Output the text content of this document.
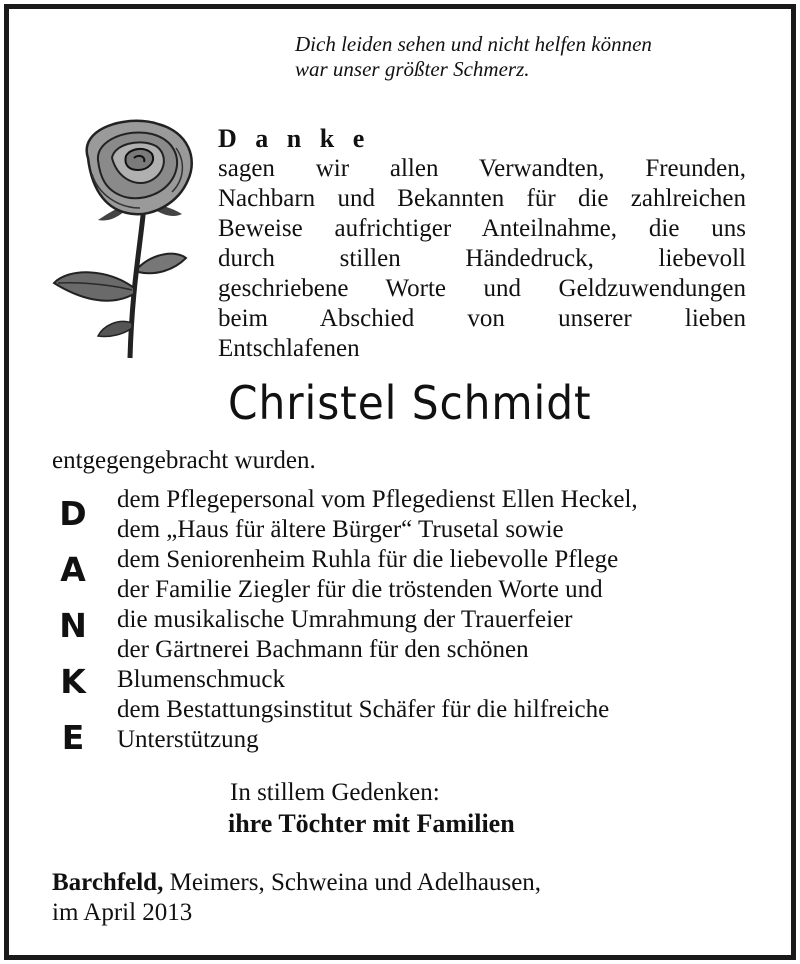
Dich leiden sehen und nicht helfen können
war unser größter Schmerz.
D a n k e
sagen wir allen Verwandten, Freunden,
Nachbarn und Bekannten für die zahlreichen
Beweise aufrichtiger Anteilnahme, die uns
durch stillen Händedruck, liebevoll
geschriebene Worte und Geldzuwendungen
beim Abschied von unserer lieben
Entschlafenen
Christel Schmidt
entgegengebracht wurden.
D
A
N
K
E
dem Pflegepersonal vom Pflegedienst Ellen Heckel,
dem „Haus für ältere Bürger“ Trusetal sowie
dem Seniorenheim Ruhla für die liebevolle Pflege
der Familie Ziegler für die tröstenden Worte und
die musikalische Umrahmung der Trauerfeier
der Gärtnerei Bachmann für den schönen
Blumenschmuck
dem Bestattungsinstitut Schäfer für die hilfreiche
Unterstützung
In stillem Gedenken:
ihre Töchter mit Familien
Barchfeld, Meimers, Schweina und Adelhausen,
im April 2013
